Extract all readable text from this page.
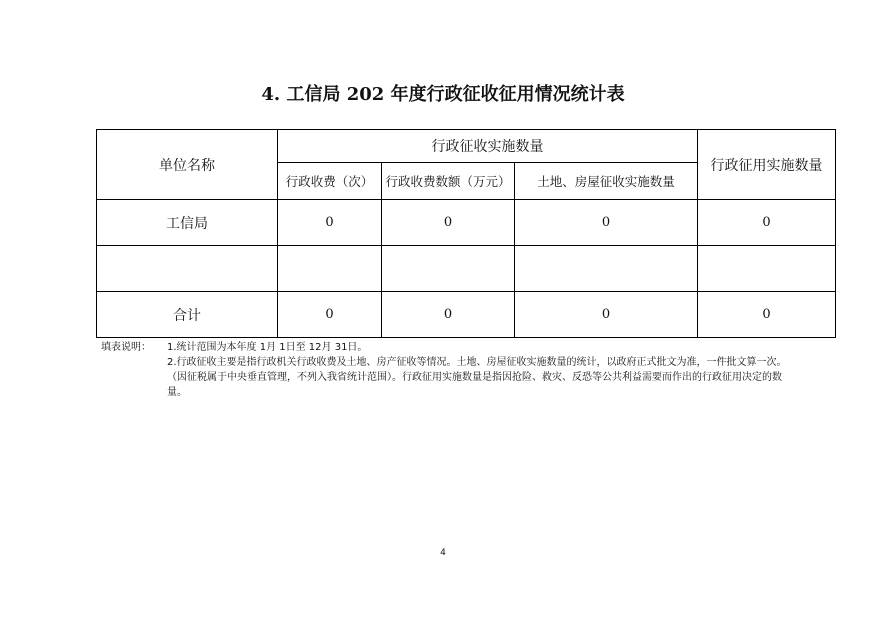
4. 工信局 202 年度行政征收征用情况统计表
单位名称	行政征收实施数量			行政征用实施数量
	行政收费（次）	行政收费数额（万元）	土地、房屋征收实施数量	
工信局	0	0	0	0

合计	0	0	0	0
填表说明： 1.统计范围为本年度 1月 1日至 12月 31日。
2.行政征收主要是指行政机关行政收费及土地、房产征收等情况。土地、房屋征收实施数量的统计，以政府正式批文为准，一件批文算一次。（因征税属于中央垂直管理，不列入我省统计范围）。行政征用实施数量是指因抢险、救灾、反恐等公共利益需要而作出的行政征用决定的数量。
4
